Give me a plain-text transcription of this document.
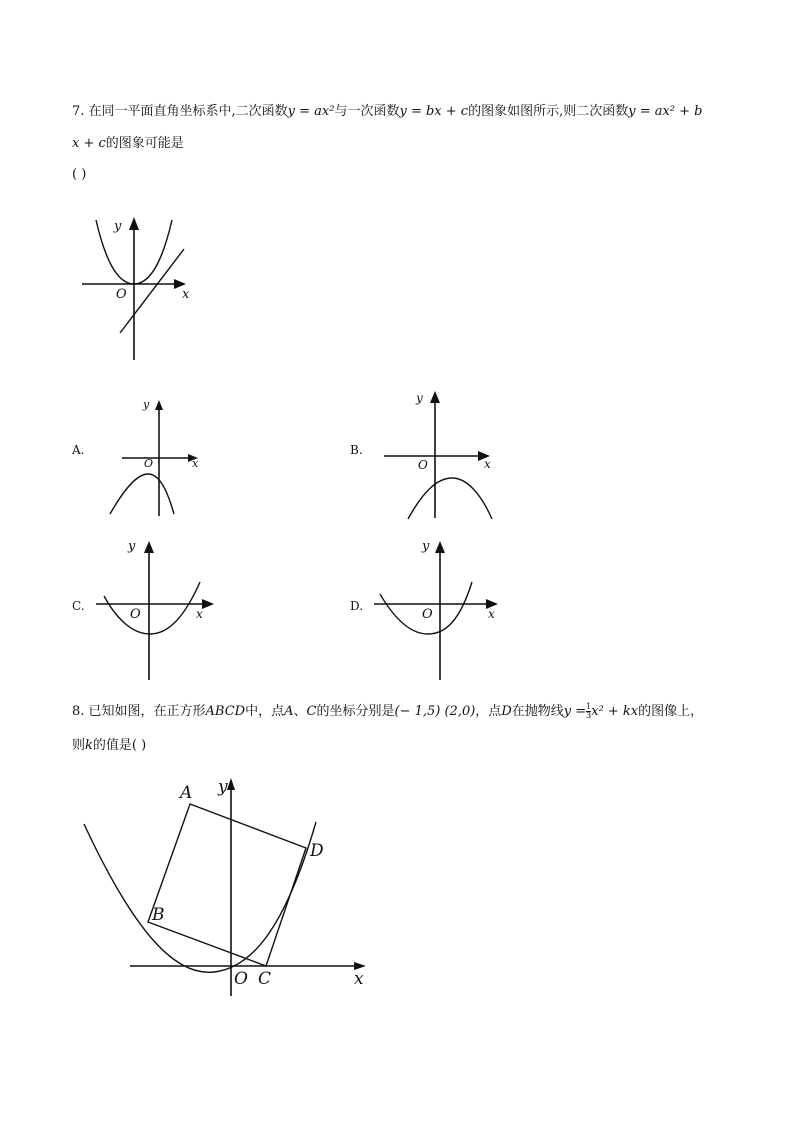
7. 在同一平面直角坐标系中,二次函数y = ax²与一次函数y = bx + c的图象如图所示,则二次函数y = ax² + b
x + c的图象可能是
( )
y
x
O
A.
y
x
O
B.
y
x
O
C.
y
x
O
D.
y
x
O
8. 已知如图，在正方形ABCD中，点A、C的坐标分别是(− 1,5) (2,0)，点D在抛物线$y = \frac{1}{3} x^2$ + kx的图像上，
则k的值是( )
A
B
C
D
O	x
y
